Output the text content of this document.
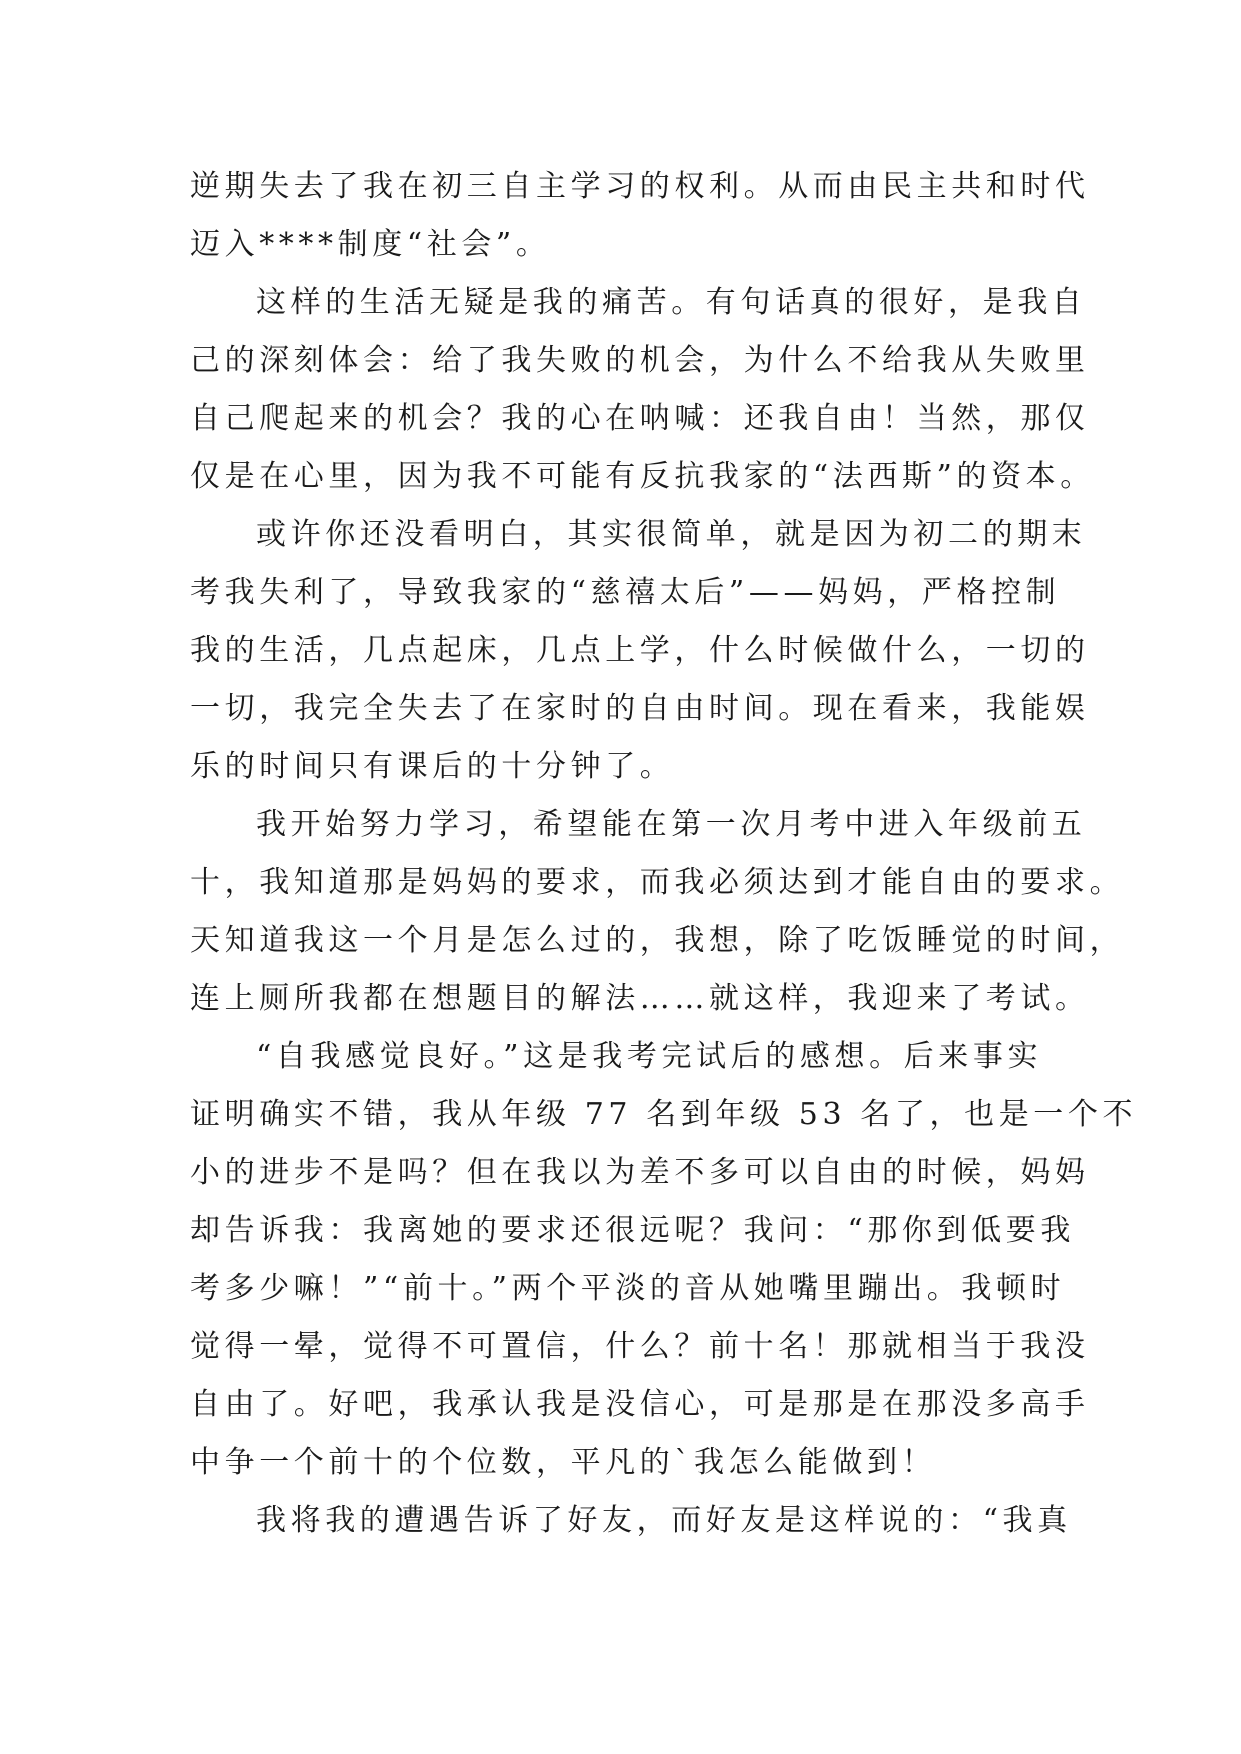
逆期失去了我在初三自主学习的权利。从而由民主共和时代
迈入****制度“社会”。
这样的生活无疑是我的痛苦。有句话真的很好，是我自
己的深刻体会：给了我失败的机会，为什么不给我从失败里
自己爬起来的机会？我的心在呐喊：还我自由！当然，那仅
仅是在心里，因为我不可能有反抗我家的“法西斯”的资本。
或许你还没看明白，其实很简单，就是因为初二的期末
考我失利了，导致我家的“慈禧太后”——妈妈，严格控制
我的生活，几点起床，几点上学，什么时候做什么，一切的
一切，我完全失去了在家时的自由时间。现在看来，我能娱
乐的时间只有课后的十分钟了。
我开始努力学习，希望能在第一次月考中进入年级前五
十，我知道那是妈妈的要求，而我必须达到才能自由的要求。
天知道我这一个月是怎么过的，我想，除了吃饭睡觉的时间，
连上厕所我都在想题目的解法……就这样，我迎来了考试。
“自我感觉良好。”这是我考完试后的感想。后来事实
证明确实不错，我从年级 77 名到年级 53 名了，也是一个不
小的进步不是吗？但在我以为差不多可以自由的时候，妈妈
却告诉我：我离她的要求还很远呢？我问：“那你到低要我
考多少嘛！”“前十。”两个平淡的音从她嘴里蹦出。我顿时
觉得一晕，觉得不可置信，什么？前十名！那就相当于我没
自由了。好吧，我承认我是没信心，可是那是在那没多高手
中争一个前十的个位数，平凡的`我怎么能做到！
我将我的遭遇告诉了好友，而好友是这样说的：“我真
